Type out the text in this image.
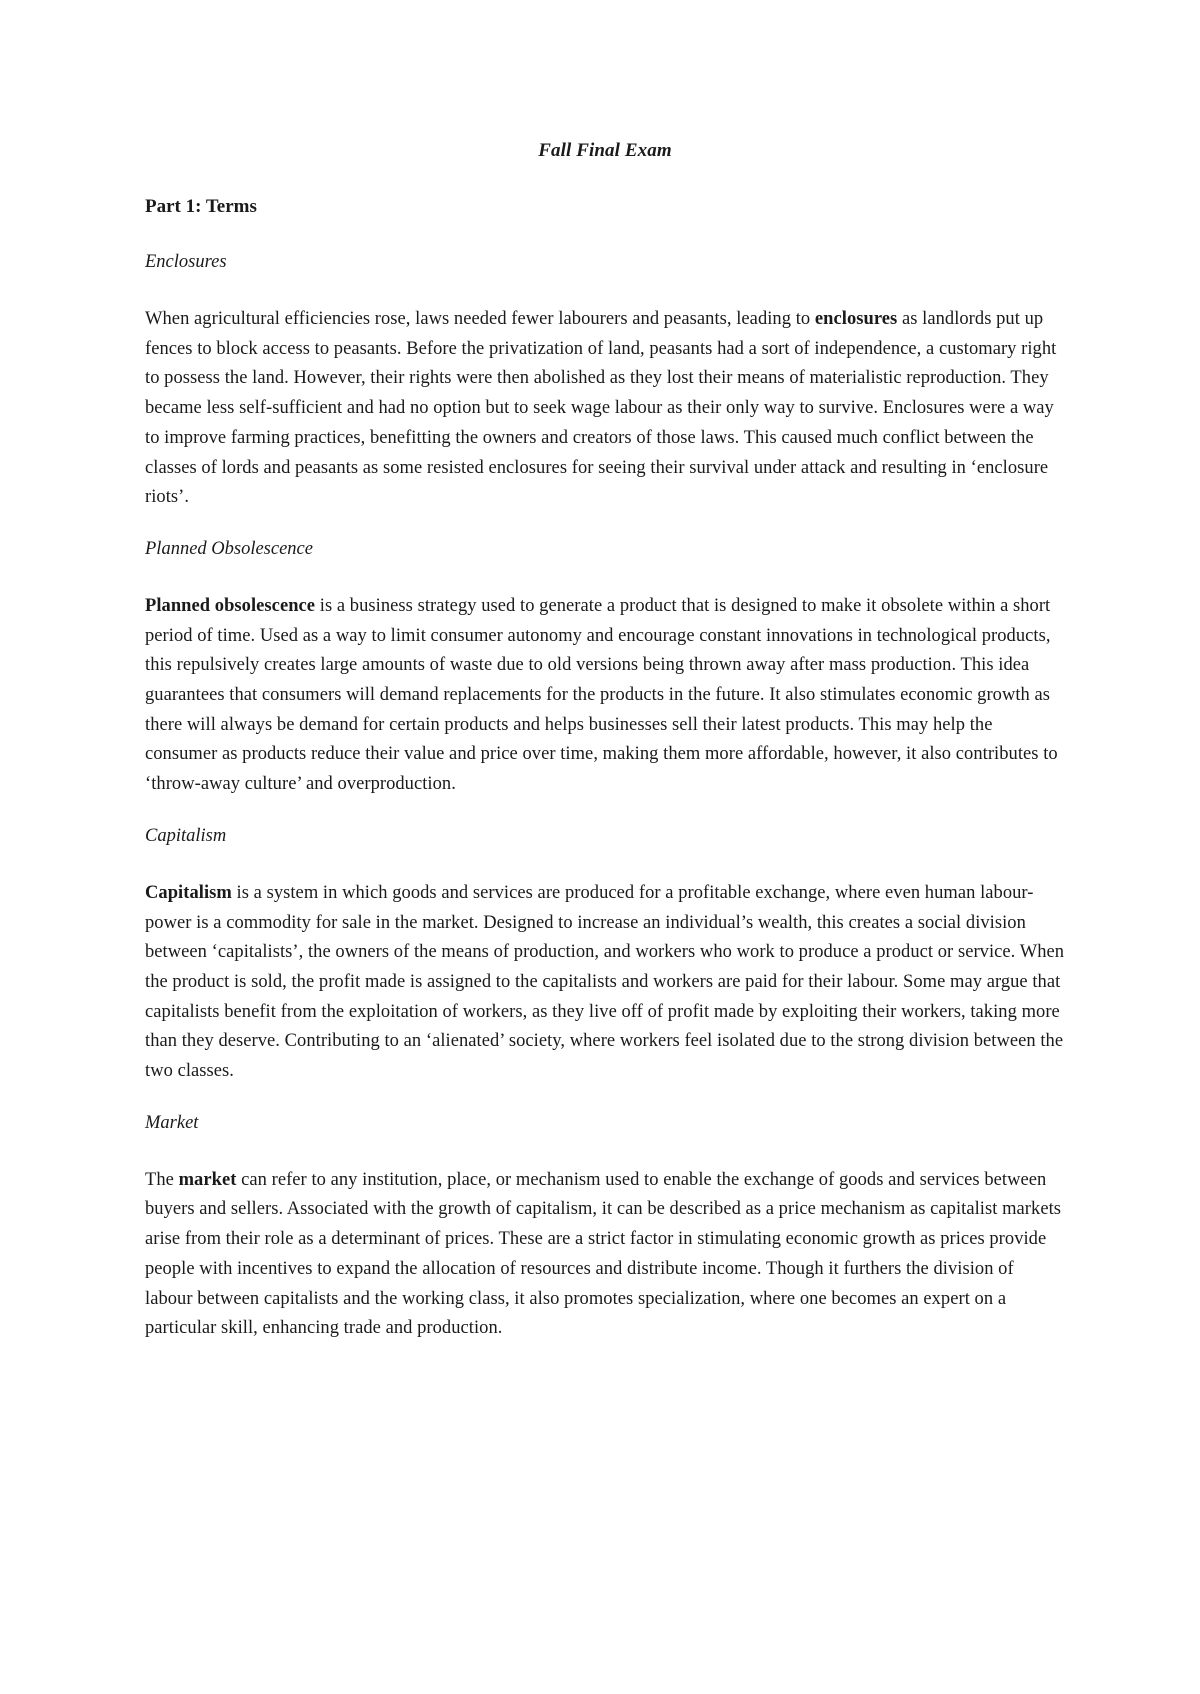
Fall Final Exam
Part 1: Terms
Enclosures

When agricultural efficiencies rose, laws needed fewer labourers and peasants, leading to enclosures as landlords put up fences to block access to peasants. Before the privatization of land, peasants had a sort of independence, a customary right to possess the land. However, their rights were then abolished as they lost their means of materialistic reproduction. They became less self-sufficient and had no option but to seek wage labour as their only way to survive. Enclosures were a way to improve farming practices, benefitting the owners and creators of those laws. This caused much conflict between the classes of lords and peasants as some resisted enclosures for seeing their survival under attack and resulting in ‘enclosure riots’.

Planned Obsolescence

Planned obsolescence is a business strategy used to generate a product that is designed to make it obsolete within a short period of time. Used as a way to limit consumer autonomy and encourage constant innovations in technological products, this repulsively creates large amounts of waste due to old versions being thrown away after mass production. This idea guarantees that consumers will demand replacements for the products in the future. It also stimulates economic growth as there will always be demand for certain products and helps businesses sell their latest products. This may help the consumer as products reduce their value and price over time, making them more affordable, however, it also contributes to ‘throw-away culture’ and overproduction.

Capitalism

Capitalism is a system in which goods and services are produced for a profitable exchange, where even human labour-power is a commodity for sale in the market. Designed to increase an individual’s wealth, this creates a social division between ‘capitalists’, the owners of the means of production, and workers who work to produce a product or service. When the product is sold, the profit made is assigned to the capitalists and workers are paid for their labour. Some may argue that capitalists benefit from the exploitation of workers, as they live off of profit made by exploiting their workers, taking more than they deserve. Contributing to an ‘alienated’ society, where workers feel isolated due to the strong division between the two classes.

Market

The market can refer to any institution, place, or mechanism used to enable the exchange of goods and services between buyers and sellers. Associated with the growth of capitalism, it can be described as a price mechanism as capitalist markets arise from their role as a determinant of prices. These are a strict factor in stimulating economic growth as prices provide people with incentives to expand the allocation of resources and distribute income. Though it furthers the division of labour between capitalists and the working class, it also promotes specialization, where one becomes an expert on a particular skill, enhancing trade and production.
